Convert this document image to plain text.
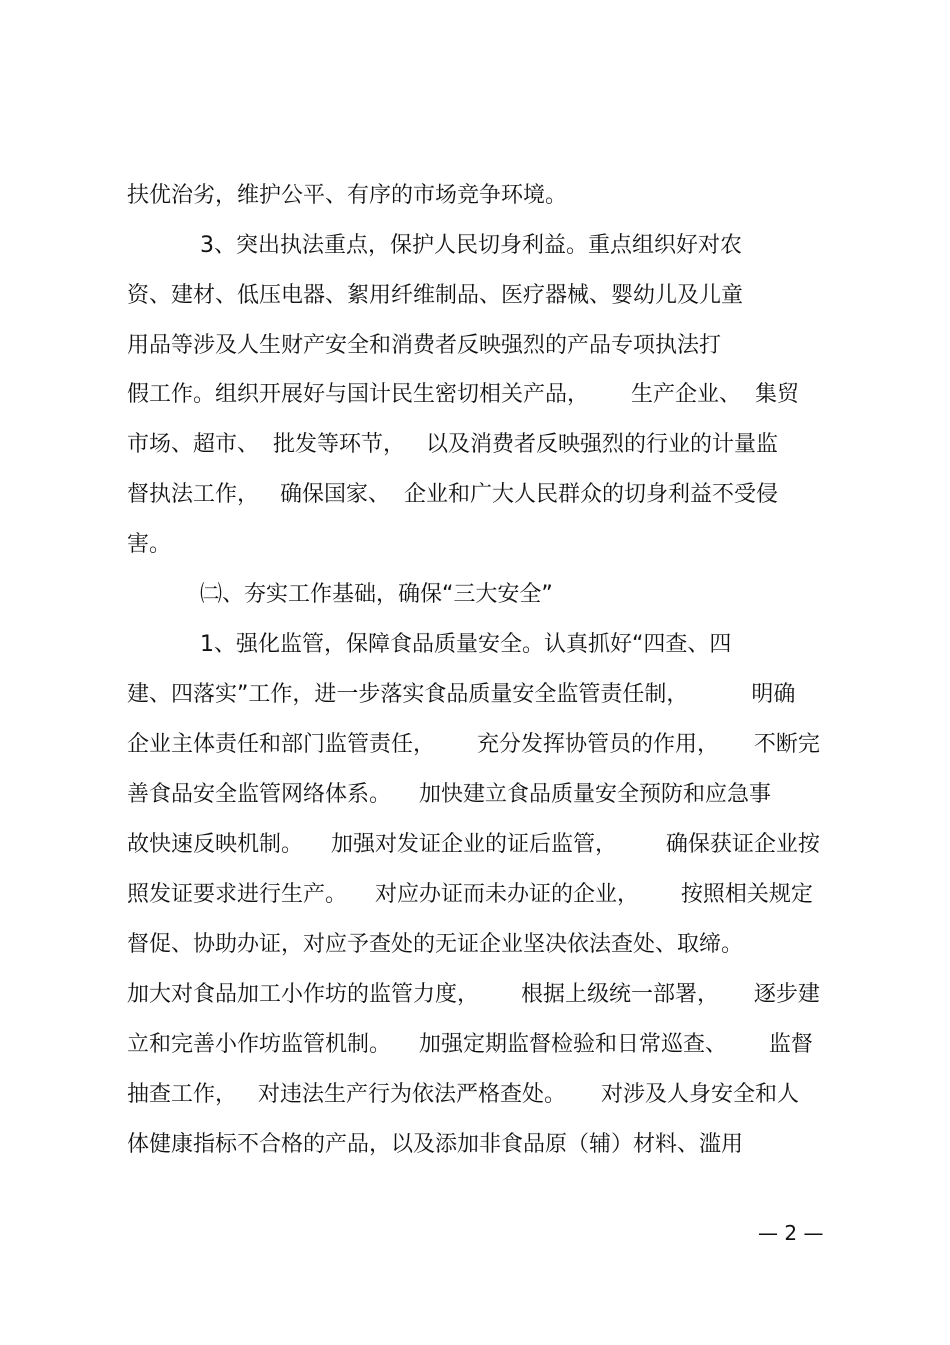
扶优治劣，维护公平、有序的市场竞争环境。
3、突出执法重点，保护人民切身利益。重点组织好对农
资、建材、低压电器、絮用纤维制品、医疗器械、婴幼儿及儿童
用品等涉及人生财产安全和消费者反映强烈的产品专项执法打
假工作。组织开展好与国计民生密切相关产品，      生产企业、  集贸
市场、超市、  批发等环节，   以及消费者反映强烈的行业的计量监
督执法工作，   确保国家、  企业和广大人民群众的切身利益不受侵
害。
㈡、夯实工作基础，确保“三大安全”
1、强化监管，保障食品质量安全。认真抓好“四查、四
建、四落实”工作，进一步落实食品质量安全监管责任制，         明确
企业主体责任和部门监管责任，      充分发挥协管员的作用，     不断完
善食品安全监管网络体系。    加快建立食品质量安全预防和应急事
故快速反映机制。    加强对发证企业的证后监管，       确保获证企业按
照发证要求进行生产。    对应办证而未办证的企业，      按照相关规定
督促、协助办证，对应予查处的无证企业坚决依法查处、取缔。
加大对食品加工小作坊的监管力度，      根据上级统一部署，     逐步建
立和完善小作坊监管机制。    加强定期监督检验和日常巡查、      监督
抽查工作，   对违法生产行为依法严格查处。     对涉及人身安全和人
体健康指标不合格的产品，以及添加非食品原（辅）材料、滥用
— 2 —
